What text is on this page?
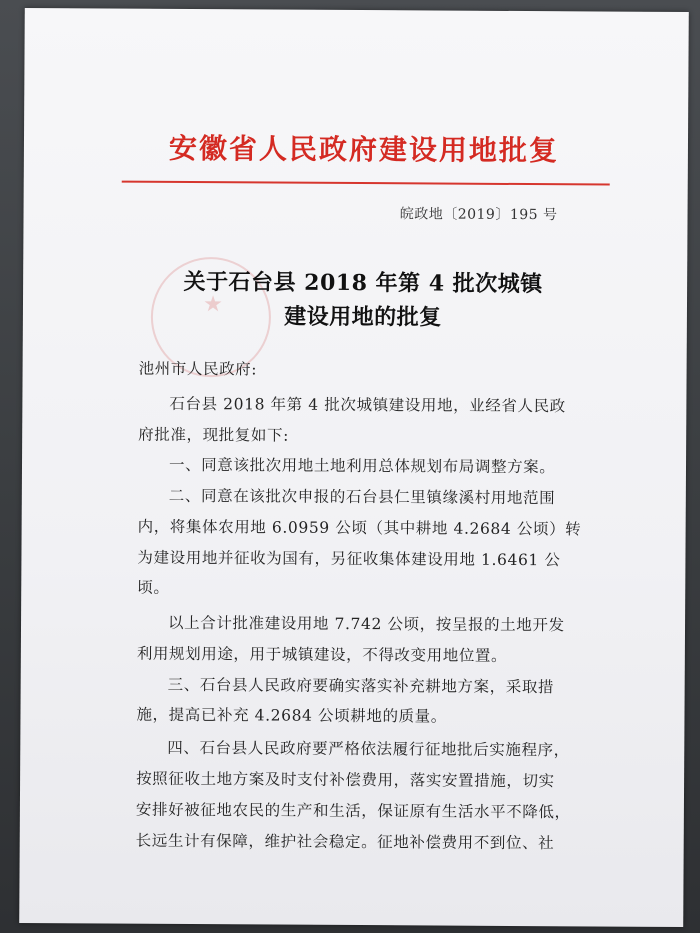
安徽省人民政府建设用地批复
皖政地〔2019〕195 号
★
关于石台县 2018 年第 4 批次城镇
建设用地的批复
池州市人民政府:
石台县 2018 年第 4 批次城镇建设用地，业经省人民政
府批准，现批复如下:
一、同意该批次用地土地利用总体规划布局调整方案。
二、同意在该批次申报的石台县仁里镇缘溪村用地范围
内，将集体农用地 6.0959 公顷（其中耕地 4.2684 公顷）转
为建设用地并征收为国有，另征收集体建设用地 1.6461 公
顷。
以上合计批准建设用地 7.742 公顷，按呈报的土地开发
利用规划用途，用于城镇建设，不得改变用地位置。
三、石台县人民政府要确实落实补充耕地方案，采取措
施，提高已补充 4.2684 公顷耕地的质量。
四、石台县人民政府要严格依法履行征地批后实施程序，
按照征收土地方案及时支付补偿费用，落实安置措施，切实
安排好被征地农民的生产和生活，保证原有生活水平不降低，
长远生计有保障，维护社会稳定。征地补偿费用不到位、社
